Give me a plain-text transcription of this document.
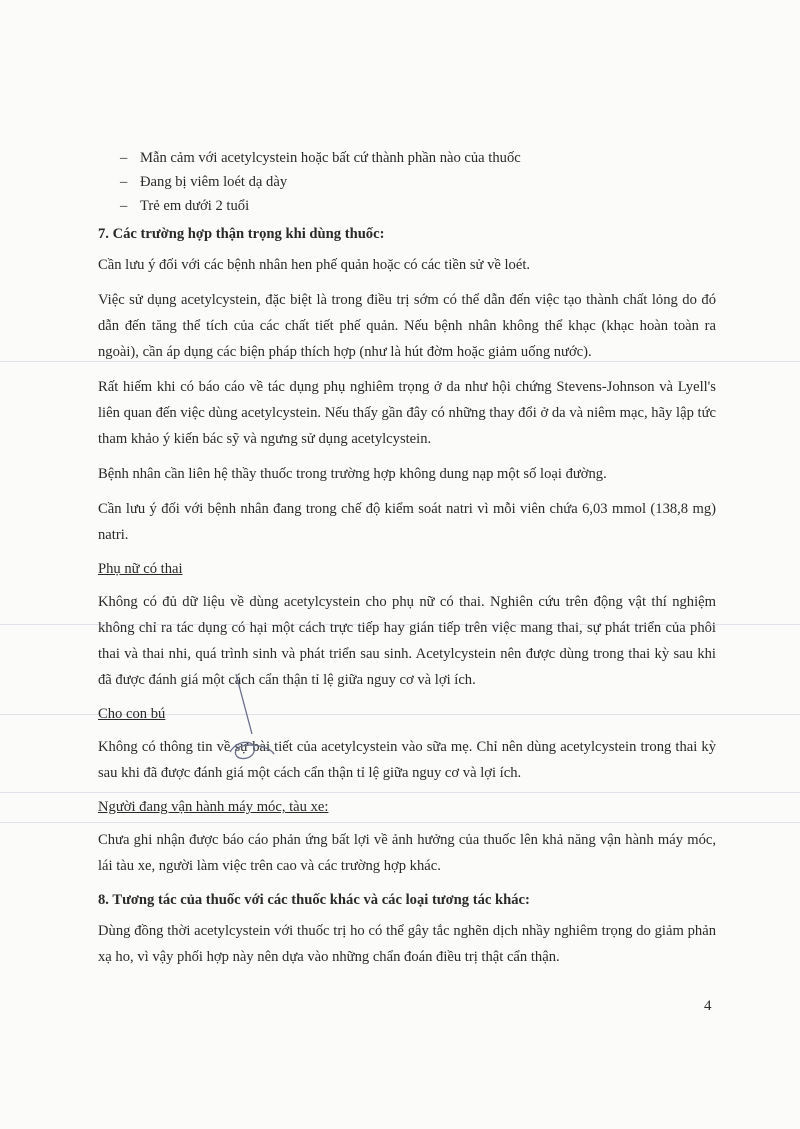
– Mẫn cảm với acetylcystein hoặc bất cứ thành phần nào của thuốc
– Đang bị viêm loét dạ dày
– Trẻ em dưới 2 tuổi
7. Các trường hợp thận trọng khi dùng thuốc:

Cần lưu ý đối với các bệnh nhân hen phế quản hoặc có các tiền sử về loét.

Việc sử dụng acetylcystein, đặc biệt là trong điều trị sớm có thể dẫn đến việc tạo thành chất lỏng do đó dẫn đến tăng thể tích của các chất tiết phế quản. Nếu bệnh nhân không thể khạc (khạc hoàn toàn ra ngoài), cần áp dụng các biện pháp thích hợp (như là hút đờm hoặc giảm uống nước).

Rất hiếm khi có báo cáo về tác dụng phụ nghiêm trọng ở da như hội chứng Stevens-Johnson và Lyell's liên quan đến việc dùng acetylcystein. Nếu thấy gần đây có những thay đổi ở da và niêm mạc, hãy lập tức tham khảo ý kiến bác sỹ và ngưng sử dụng acetylcystein.

Bệnh nhân cần liên hệ thầy thuốc trong trường hợp không dung nạp một số loại đường.

Cần lưu ý đối với bệnh nhân đang trong chế độ kiểm soát natri vì mỗi viên chứa 6,03 mmol (138,8 mg) natri.

Phụ nữ có thai

Không có đủ dữ liệu về dùng acetylcystein cho phụ nữ có thai. Nghiên cứu trên động vật thí nghiệm không chỉ ra tác dụng có hại một cách trực tiếp hay gián tiếp trên việc mang thai, sự phát triển của phôi thai và thai nhi, quá trình sinh và phát triển sau sinh. Acetylcystein nên được dùng trong thai kỳ sau khi đã được đánh giá một cách cẩn thận tỉ lệ giữa nguy cơ và lợi ích.

Cho con bú

Không có thông tin về sự bài tiết của acetylcystein vào sữa mẹ. Chỉ nên dùng acetylcystein trong thai kỳ sau khi đã được đánh giá một cách cẩn thận tỉ lệ giữa nguy cơ và lợi ích.

Người đang vận hành máy móc, tàu xe:

Chưa ghi nhận được báo cáo phản ứng bất lợi về ảnh hưởng của thuốc lên khả năng vận hành máy móc, lái tàu xe, người làm việc trên cao và các trường hợp khác.

8. Tương tác của thuốc với các thuốc khác và các loại tương tác khác:

Dùng đồng thời acetylcystein với thuốc trị ho có thể gây tắc nghẽn dịch nhầy nghiêm trọng do giảm phản xạ ho, vì vậy phối hợp này nên dựa vào những chẩn đoán điều trị thật cẩn thận.

4
